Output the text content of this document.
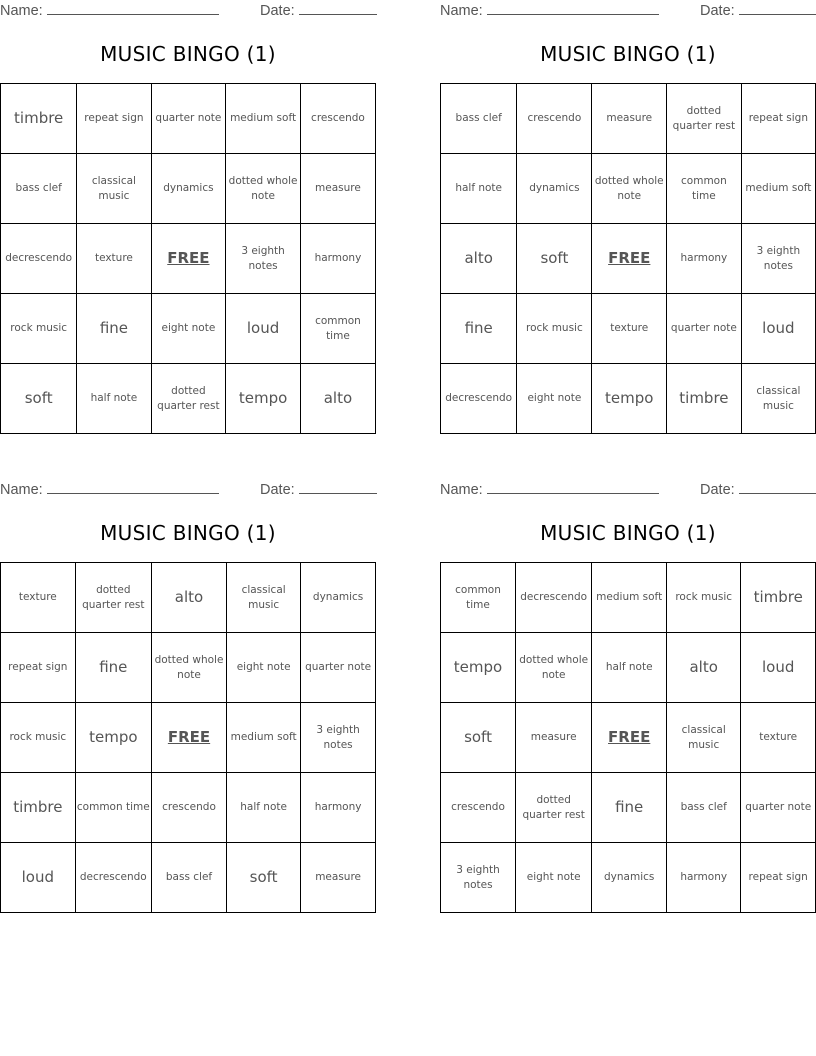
Name:	Date:
MUSIC BINGO (1)
timbre	repeat sign	quarter note	medium soft	crescendo
bass clef	classical music	dynamics	dotted whole note	measure
decrescendo	texture	FREE	3 eighth notes	harmony
rock music	fine	eight note	loud	common time
soft	half note	dotted quarter rest	tempo	alto
Name:	Date:
MUSIC BINGO (1)
bass clef	crescendo	measure	dotted quarter rest	repeat sign
half note	dynamics	dotted whole note	common time	medium soft
alto	soft	FREE	harmony	3 eighth notes
fine	rock music	texture	quarter note	loud
decrescendo	eight note	tempo	timbre	classical music
Name:	Date:
MUSIC BINGO (1)
texture	dotted quarter rest	alto	classical music	dynamics
repeat sign	fine	dotted whole note	eight note	quarter note
rock music	tempo	FREE	medium soft	3 eighth notes
timbre	common time	crescendo	half note	harmony
loud	decrescendo	bass clef	soft	measure
Name:	Date:
MUSIC BINGO (1)
common time	decrescendo	medium soft	rock music	timbre
tempo	dotted whole note	half note	alto	loud
soft	measure	FREE	classical music	texture
crescendo	dotted quarter rest	fine	bass clef	quarter note
3 eighth notes	eight note	dynamics	harmony	repeat sign
